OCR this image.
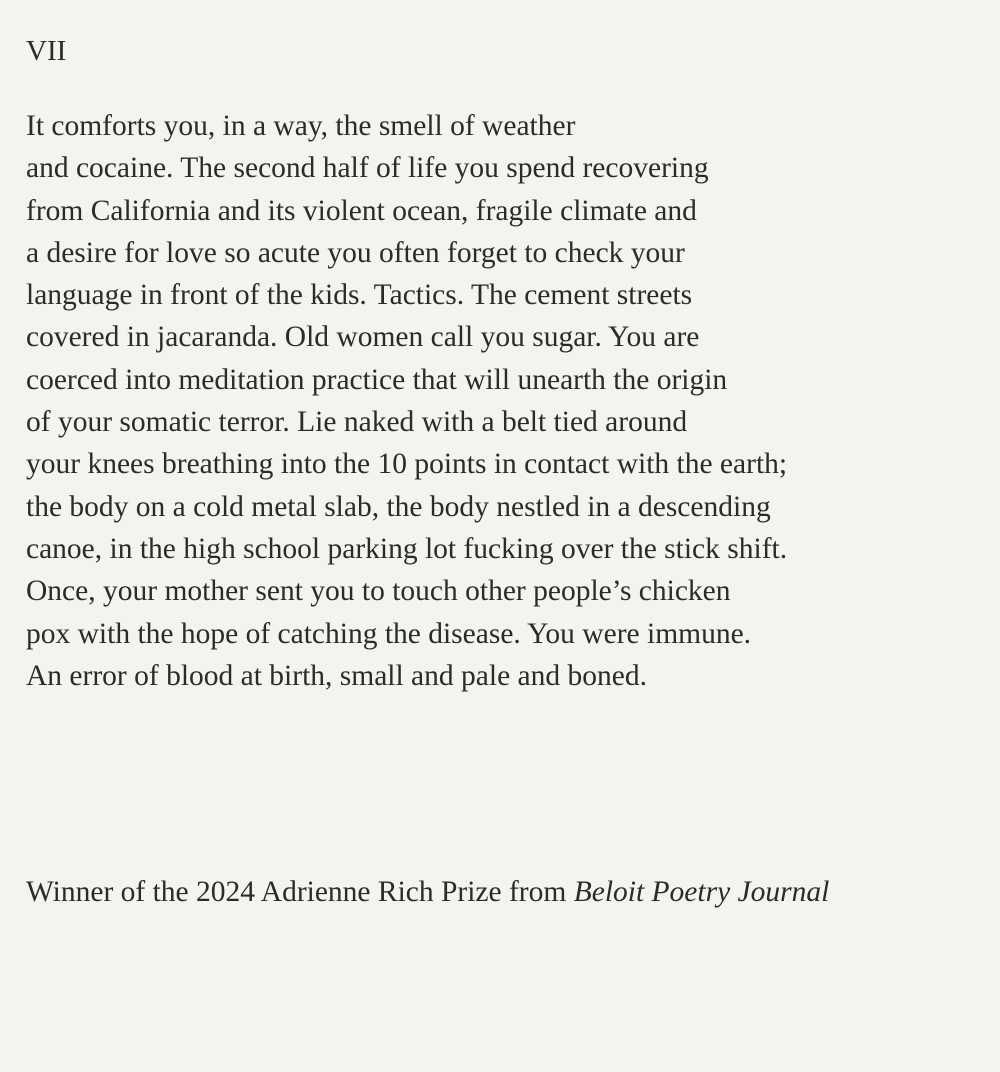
VII
It comforts you, in a way, the smell of weather
and cocaine. The second half of life you spend recovering
from California and its violent ocean, fragile climate and
a desire for love so acute you often forget to check your
language in front of the kids. Tactics. The cement streets
covered in jacaranda. Old women call you sugar. You are
coerced into meditation practice that will unearth the origin
of your somatic terror. Lie naked with a belt tied around
your knees breathing into the 10 points in contact with the earth;
the body on a cold metal slab, the body nestled in a descending
canoe, in the high school parking lot fucking over the stick shift.
Once, your mother sent you to touch other people’s chicken
pox with the hope of catching the disease. You were immune.
An error of blood at birth, small and pale and boned.

Winner of the 2024 Adrienne Rich Prize from Beloit Poetry Journal
